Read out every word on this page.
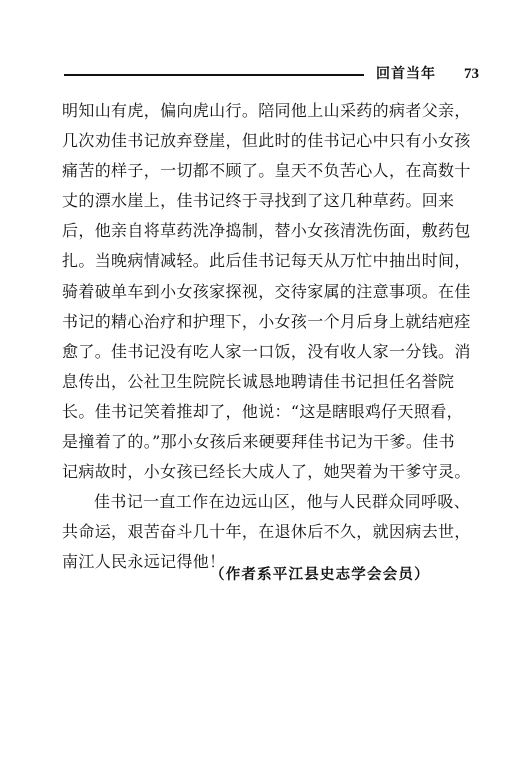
回首当年 73

明知山有虎，偏向虎山行。陪同他上山采药的病者父亲，
几次劝佳书记放弃登崖，但此时的佳书记心中只有小女孩
痛苦的样子，一切都不顾了。皇天不负苦心人，在高数十
丈的漂水崖上，佳书记终于寻找到了这几种草药。回来
后，他亲自将草药洗净捣制，替小女孩清洗伤面，敷药包
扎。当晚病情减轻。此后佳书记每天从万忙中抽出时间，
骑着破单车到小女孩家探视，交待家属的注意事项。在佳
书记的精心治疗和护理下，小女孩一个月后身上就结疤痊
愈了。佳书记没有吃人家一口饭，没有收人家一分钱。消
息传出，公社卫生院院长诚恳地聘请佳书记担任名誉院
长。佳书记笑着推却了，他说：“这是瞎眼鸡仔天照看，
是撞着了的。”那小女孩后来硬要拜佳书记为干爹。佳书
记病故时，小女孩已经长大成人了，她哭着为干爹守灵。

佳书记一直工作在边远山区，他与人民群众同呼吸、
共命运，艰苦奋斗几十年，在退休后不久，就因病去世，
南江人民永远记得他！

（作者系平江县史志学会会员）
